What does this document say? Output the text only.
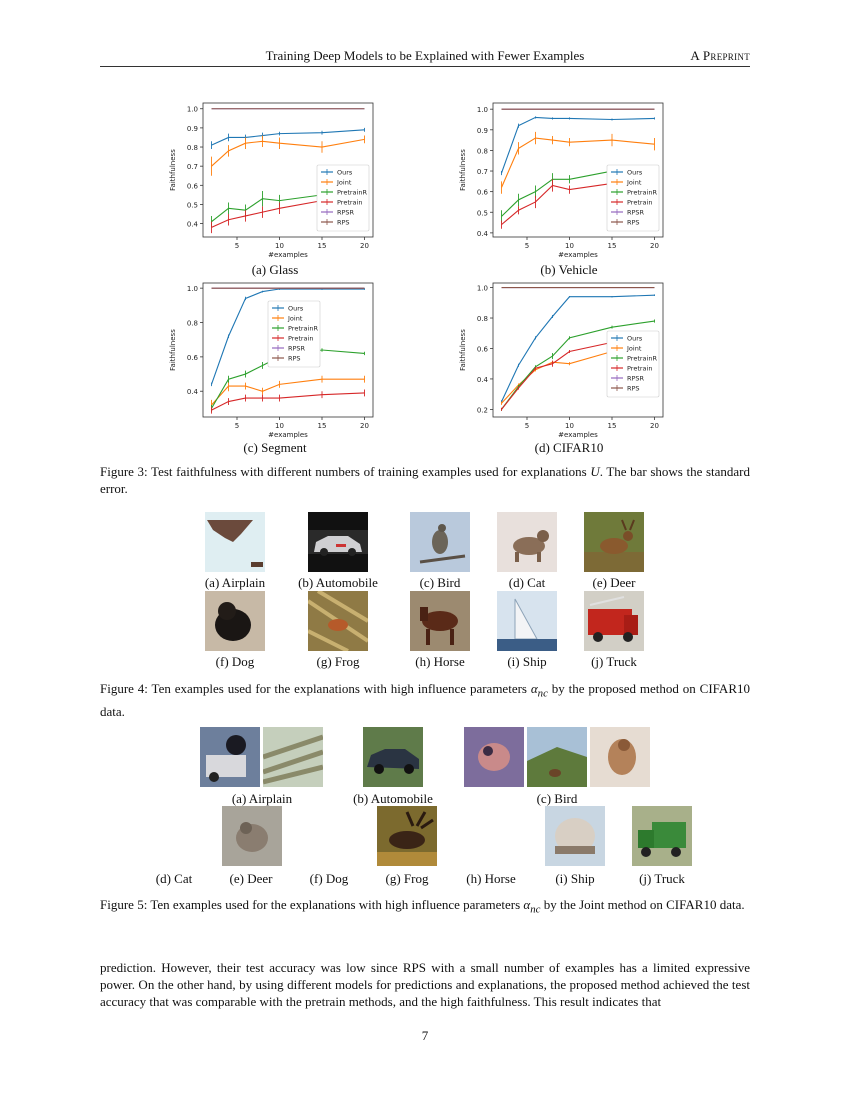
Training Deep Models to be Explained with Fewer Examples	A Preprint
0.4
0.5
0.6
0.7
0.8
0.9
1.0
5	10	15	20
#examples
Faithfulness	Ours
Joint
PretrainR
Pretrain
RPSR
RPS
0.4
0.5
0.6
0.7
0.8
0.9
1.0
5	10	15	20
#examples
Faithfulness	Ours
Joint
PretrainR
Pretrain
RPSR
RPS
0.4
0.6
0.8
1.0
5	10	15	20
#examples
Faithfulness
Ours
Joint
PretrainR
Pretrain
RPSR
RPS
0.2
0.4
0.6
0.8
1.0
5	10	15	20
#examples
Faithfulness	Ours
Joint
PretrainR
Pretrain
RPSR
RPS
(a) Glass	(b) Vehicle
(c) Segment	(d) CIFAR10
Figure 3: Test faithfulness with different numbers of training examples used for explanations U. The bar shows the standard error.
(a) Airplain	(b) Automobile	(c) Bird	(d) Cat	(e) Deer
(f) Dog	(g) Frog	(h) Horse	(i) Ship	(j) Truck
Figure 4: Ten examples used for the explanations with high influence parameters $\alpha_{nc}$ by the proposed method on CIFAR10 data.
(a) Airplain	(b) Automobile	(c) Bird
(d) Cat	(e) Deer	(f) Dog	(g) Frog	(h) Horse	(i) Ship	(j) Truck
Figure 5: Ten examples used for the explanations with high influence parameters $\alpha_{nc}$ by the Joint method on CIFAR10 data.
prediction. However, their test accuracy was low since RPS with a small number of examples has a limited expressive power. On the other hand, by using different models for predictions and explanations, the proposed method achieved the test accuracy that was comparable with the pretrain methods, and the high faithfulness. This result indicates that
7
